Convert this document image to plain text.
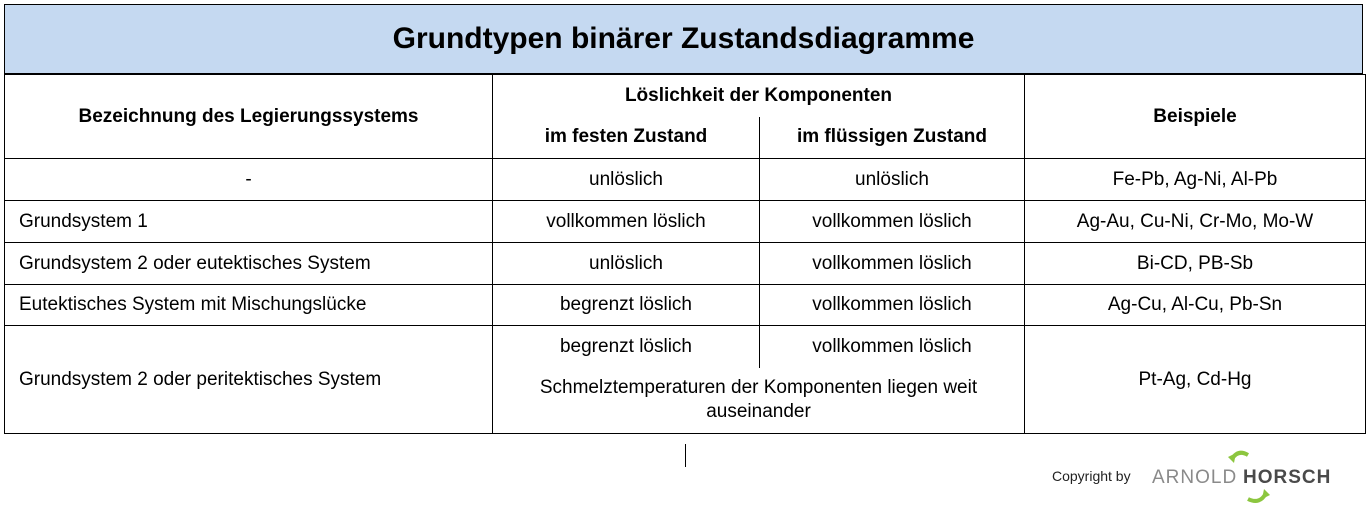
Grundtypen binärer Zustandsdiagramme
Bezeichnung des Legierungssystems	Löslichkeit der Komponenten		Beispiele
	im festen Zustand	im flüssigen Zustand	
-	unlöslich	unlöslich	Fe-Pb, Ag-Ni, Al-Pb
Grundsystem 1	vollkommen löslich	vollkommen löslich	Ag-Au, Cu-Ni, Cr-Mo, Mo-W
Grundsystem 2 oder eutektisches System	unlöslich	vollkommen löslich	Bi-CD, PB-Sb
Eutektisches System mit Mischungslücke	begrenzt löslich	vollkommen löslich	Ag-Cu, Al-Cu, Pb-Sn
Grundsystem 2 oder peritektisches System	begrenzt löslich	vollkommen löslich	Pt-Ag, Cd-Hg
	Schmelztemperaturen der Komponenten liegen weit auseinander		
Copyright by ARNOLD HORSCH
